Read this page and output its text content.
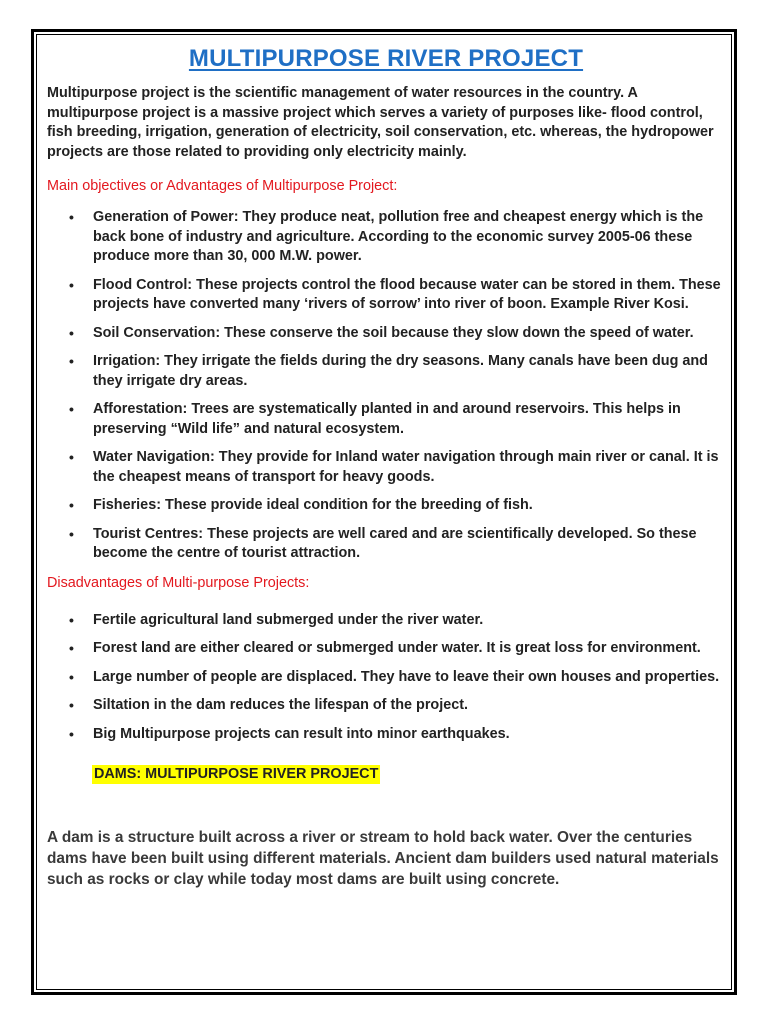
MULTIPURPOSE RIVER PROJECT

Multipurpose project is the scientific management of water resources in the country. A multipurpose project is a massive project which serves a variety of purposes like- flood control, fish breeding, irrigation, generation of electricity, soil conservation, etc. whereas, the hydropower projects are those related to providing only electricity mainly.

Main objectives or Advantages of Multipurpose Project:

• Generation of Power: They produce neat, pollution free and cheapest energy which is the back bone of industry and agriculture. According to the economic survey 2005-06 these produce more than 30, 000 M.W. power.
• Flood Control: These projects control the flood because water can be stored in them. These projects have converted many ‘rivers of sorrow’ into river of boon. Example River Kosi.
• Soil Conservation: These conserve the soil because they slow down the speed of water.
• Irrigation: They irrigate the fields during the dry seasons. Many canals have been dug and they irrigate dry areas.
• Afforestation: Trees are systematically planted in and around reservoirs. This helps in preserving “Wild life” and natural ecosystem.
• Water Navigation: They provide for Inland water navigation through main river or canal. It is the cheapest means of transport for heavy goods.
• Fisheries: These provide ideal condition for the breeding of fish.
• Tourist Centres: These projects are well cared and are scientifically developed. So these become the centre of tourist attraction.

Disadvantages of Multi-purpose Projects:

• Fertile agricultural land submerged under the river water.
• Forest land are either cleared or submerged under water. It is great loss for environment.
• Large number of people are displaced. They have to leave their own houses and properties.
• Siltation in the dam reduces the lifespan of the project.
• Big Multipurpose projects can result into minor earthquakes.
DAMS: MULTIPURPOSE RIVER PROJECT

A dam is a structure built across a river or stream to hold back water. Over the centuries dams have been built using different materials. Ancient dam builders used natural materials such as rocks or clay while today most dams are built using concrete.
